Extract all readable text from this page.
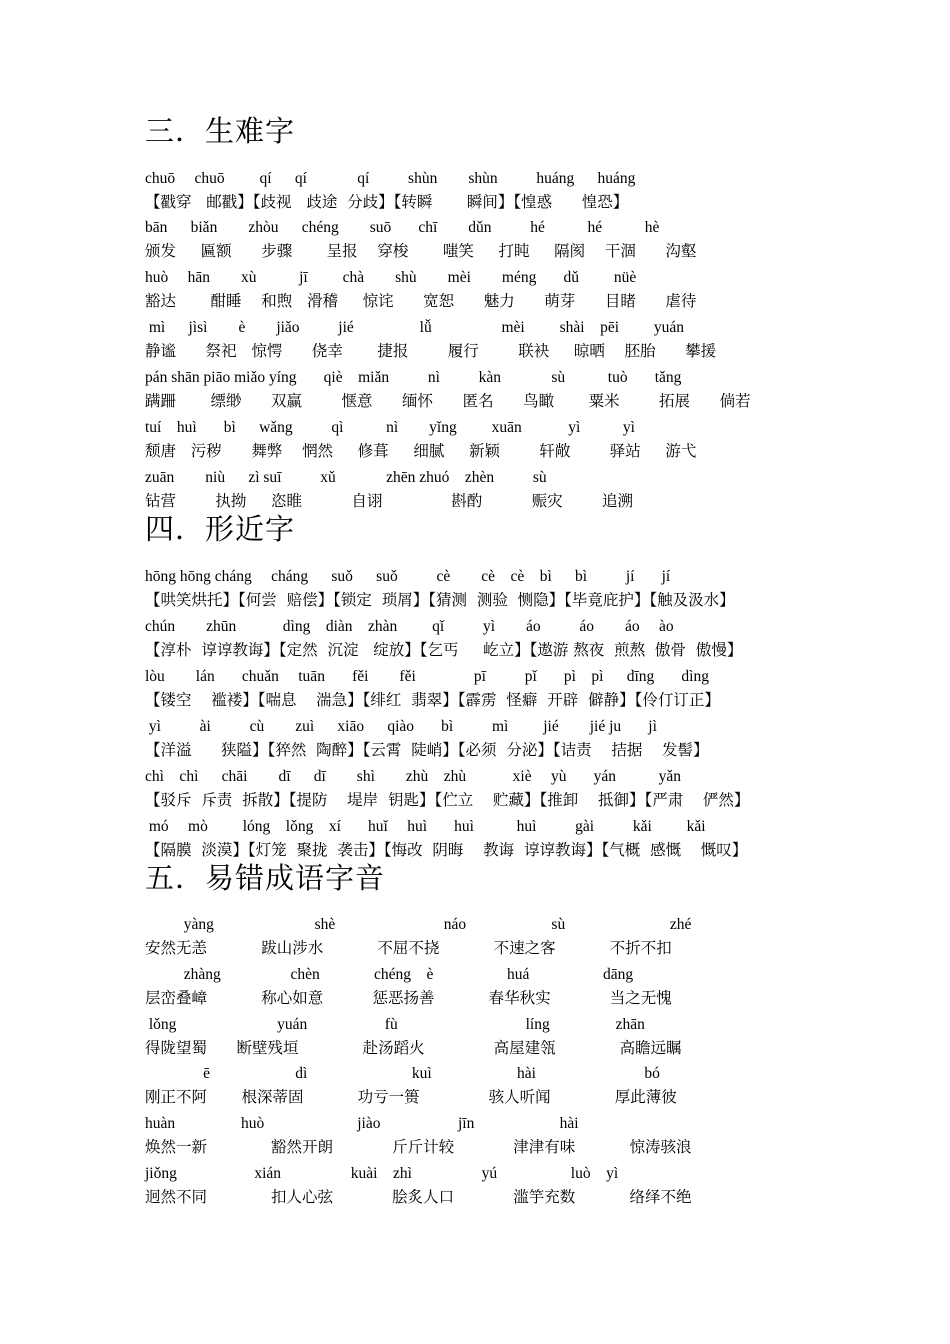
三．生难字
chuō     chuō         qí      qí             qí          shùn        shùn          huáng      huáng
【戳穿   邮戳】【歧视   歧途  分歧】【转瞬       瞬间】【惶惑      惶恐】
bān      biǎn        zhòu      chéng        suō       chī        dǔn          hé           hé           hè
颁发     匾额      步骤       呈报    穿梭       嗤笑     打盹     隔阂    干涸      沟壑
huò     hān        xù           jī         chà        shù        mèi        méng       dǔ         nüè
豁达       酣睡    和煦   滑稽     惊诧      宽恕      魅力      萌芽      目睹      虐待
mì      jìsì        è        jiǎo          jié                 lǚ                  mèi         shài    pēi         yuán
静谧      祭祀   惊愕      侥幸       捷报        履行        联袂     晾晒    胚胎      攀援
pán shān piāo miǎo yíng       qiè    miǎn          nì          kàn             sù           tuò       tǎng
蹒跚       缥缈      双赢        惬意      缅怀      匿名      鸟瞰       粟米        拓展      倘若
tuí    huì       bì      wǎng          qì           nì        yǐng         xuān            yì           yì
颓唐   污秽      舞弊    惘然     修葺     细腻     新颖        轩敞        驿站     游弋
zuān        niù      zì suī          xǔ             zhēn zhuó    zhèn          sù
钻营        执拗     恣睢          自诩              斟酌          赈灾        追溯
四．形近字
hōng hōng cháng     cháng      suǒ      suǒ          cè        cè    cè    bì      bì          jí       jí
【哄笑烘托】【何尝  赔偿】【锁定  琐屑】【猜测  测验  恻隐】【毕竟庇护】【触及汲水】
chún        zhūn            dìng    diàn    zhàn         qǐ          yì        áo          áo        áo     ào
【淳朴  谆谆教诲】【定然  沉淀   绽放】【乞丐     屹立】【遨游 熬夜  煎熬  傲骨  傲慢】
lòu        lán       chuǎn     tuān       fěi        fěi               pī          pǐ       pì    pì      dīng       dìng
【镂空    褴褛】【喘息    湍急】【绯红  翡翠】【霹雳  怪癖  开辟  僻静】【伶仃订正】
yì          ài          cù        zuì      xiāo      qiào       bì          mì         jié        jié ju       jì
【洋溢      狭隘】【猝然  陶醉】【云霄  陡峭】【必须  分泌】【诘责    拮据    发髻】
chì    chì      chāi        dī      dī        shì        zhù    zhù            xiè     yù       yán           yǎn
【驳斥  斥责  拆散】【提防    堤岸  钥匙】【伫立    贮藏】【推卸    抵御】【严肃    俨然】
mó     mò         lóng    lǒng    xí       huǐ     huì       huì           huì          gài          kǎi         kǎi
【隔膜  淡漠】【灯笼  聚拢  袭击】【悔改  阴晦    教诲  谆谆教诲】【气概  感慨    慨叹】
五．易错成语字音
yàng                          shè                            náo                      sù                           zhé
安然无恙           跋山涉水           不屈不挠           不速之客           不折不扣
zhàng                  chèn              chéng    è                   huá                   dāng
层峦叠嶂           称心如意          惩恶扬善           春华秋实            当之无愧
lǒng                          yuán                    fù                                 líng                 zhān
得陇望蜀      断壁残垣             赴汤蹈火              高屋建瓴             高瞻远瞩
ē                      dì                           kuì                      hài                            bó
刚正不阿       根深蒂固           功亏一篑              骇人听闻             厚此薄彼
huàn                 huò                        jiào                    jīn                      hài
焕然一新             豁然开朗            斤斤计较            津津有味           惊涛骇浪
jiǒng                    xián                  kuài    zhì                  yú                   luò    yì
迥然不同             扣人心弦            脍炙人口            滥竽充数           络绎不绝
